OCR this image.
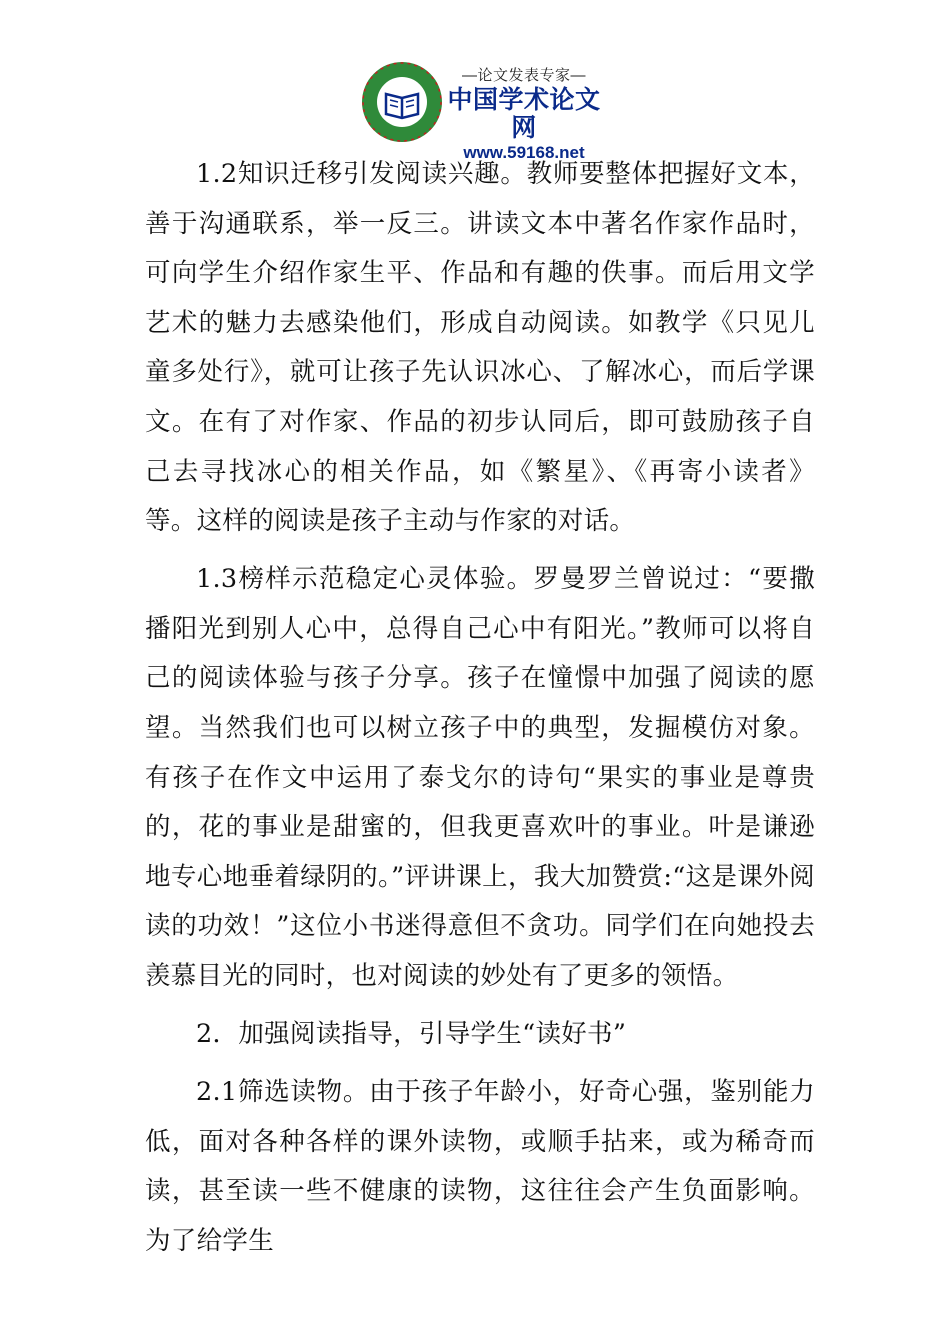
—论文发表专家—
中国学术论文网
www.59168.net

1.2知识迁移引发阅读兴趣。教师要整体把握好文本，善于沟通联系，举一反三。讲读文本中著名作家作品时，可向学生介绍作家生平、作品和有趣的佚事。而后用文学艺术的魅力去感染他们，形成自动阅读。如教学《只见儿童多处行》，就可让孩子先认识冰心、了解冰心，而后学课文。在有了对作家、作品的初步认同后，即可鼓励孩子自己去寻找冰心的相关作品，如《繁星》、《再寄小读者》等。这样的阅读是孩子主动与作家的对话。

1.3榜样示范稳定心灵体验。罗曼罗兰曾说过：“要撒播阳光到别人心中，总得自己心中有阳光。”教师可以将自己的阅读体验与孩子分享。孩子在憧憬中加强了阅读的愿望。当然我们也可以树立孩子中的典型，发掘模仿对象。有孩子在作文中运用了泰戈尔的诗句“果实的事业是尊贵的，花的事业是甜蜜的，但我更喜欢叶的事业。叶是谦逊地专心地垂着绿阴的。”评讲课上，我大加赞赏:“这是课外阅读的功效！”这位小书迷得意但不贪功。同学们在向她投去羡慕目光的同时，也对阅读的妙处有了更多的领悟。

2．加强阅读指导，引导学生“读好书”

2.1筛选读物。由于孩子年龄小，好奇心强，鉴别能力低，面对各种各样的课外读物，或顺手拈来，或为稀奇而读，甚至读一些不健康的读物，这往往会产生负面影响。为了给学生
